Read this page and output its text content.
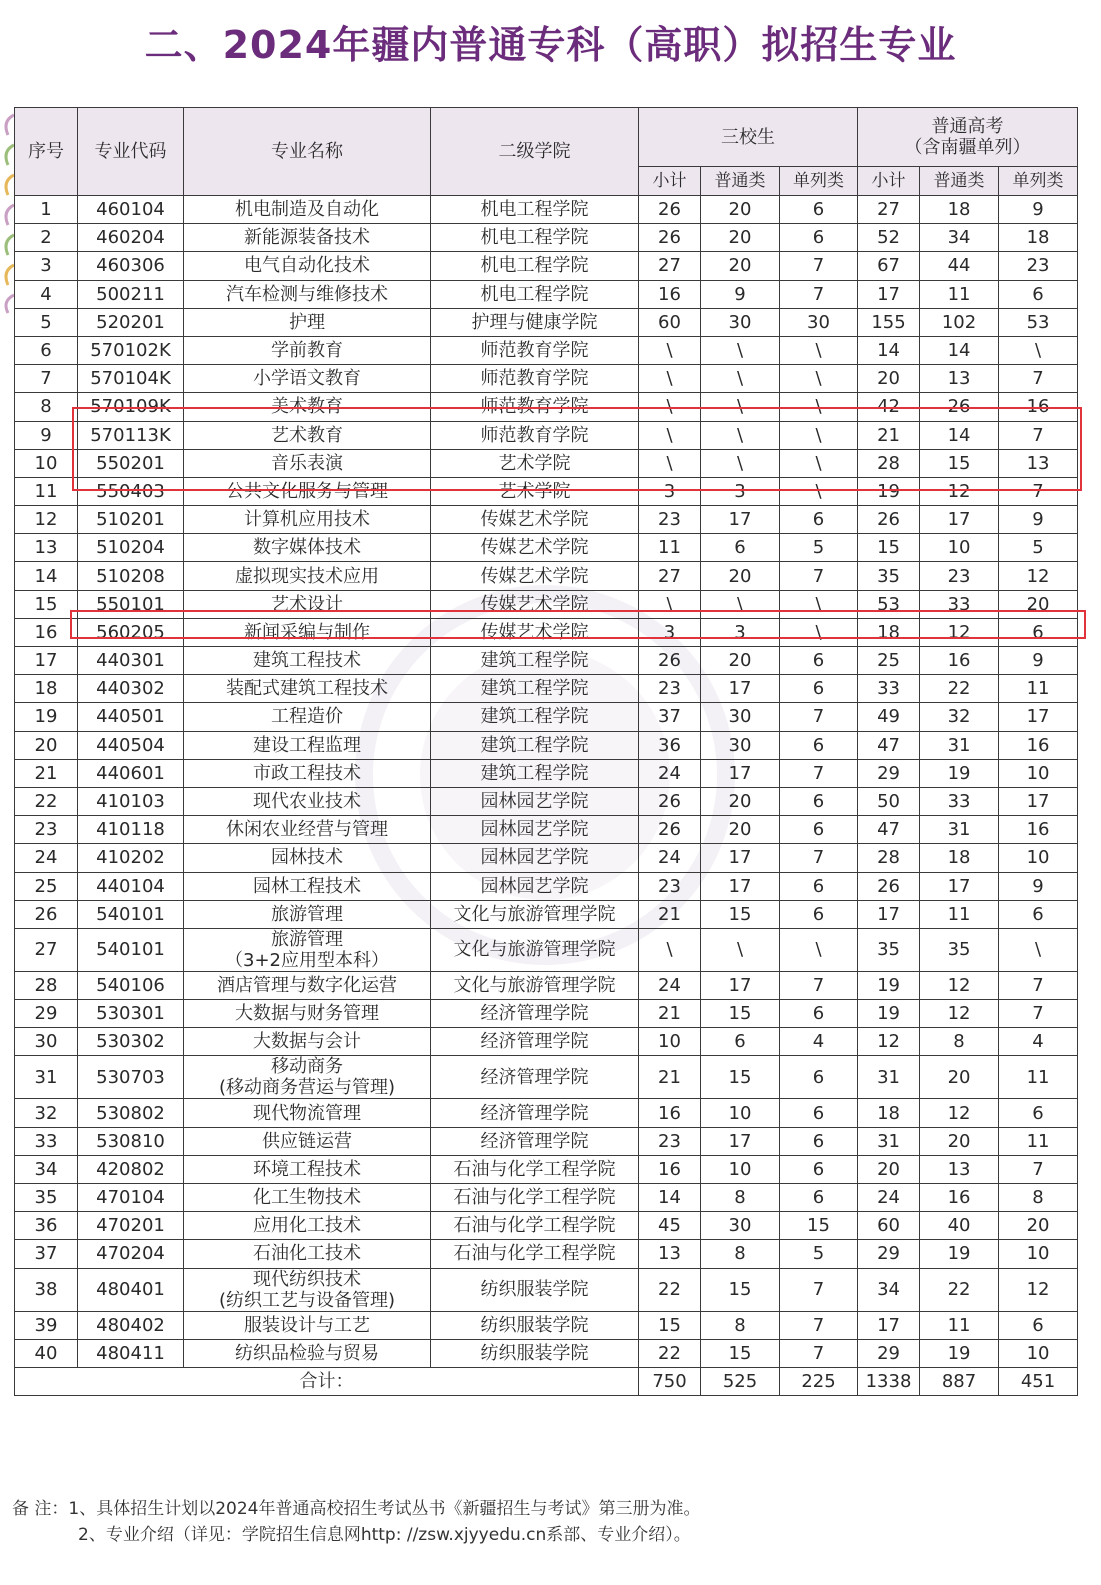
二、2024年疆内普通专科（高职）拟招生专业
序号	专业代码	专业名称	二级学院	三校生			普通高考
（含南疆单列）		

				小计	普通类	单列类	小计	普通类	单列类
1	460104	机电制造及自动化	机电工程学院	26	20	6	27	18	9
2	460204	新能源装备技术	机电工程学院	26	20	6	52	34	18
3	460306	电气自动化技术	机电工程学院	27	20	7	67	44	23
4	500211	汽车检测与维修技术	机电工程学院	16	9	7	17	11	6
5	520201	护理	护理与健康学院	60	30	30	155	102	53
6	570102K	学前教育	师范教育学院	\	\	\	14	14	\
7	570104K	小学语文教育	师范教育学院	\	\	\	20	13	7
8	570109K	美术教育	师范教育学院	\	\	\	42	26	16
9	570113K	艺术教育	师范教育学院	\	\	\	21	14	7
10	550201	音乐表演	艺术学院	\	\	\	28	15	13
11	550403	公共文化服务与管理	艺术学院	3	3	\	19	12	7
12	510201	计算机应用技术	传媒艺术学院	23	17	6	26	17	9
13	510204	数字媒体技术	传媒艺术学院	11	6	5	15	10	5
14	510208	虚拟现实技术应用	传媒艺术学院	27	20	7	35	23	12
15	550101	艺术设计	传媒艺术学院	\	\	\	53	33	20
16	560205	新闻采编与制作	传媒艺术学院	3	3	\	18	12	6
17	440301	建筑工程技术	建筑工程学院	26	20	6	25	16	9
18	440302	装配式建筑工程技术	建筑工程学院	23	17	6	33	22	11
19	440501	工程造价	建筑工程学院	37	30	7	49	32	17
20	440504	建设工程监理	建筑工程学院	36	30	6	47	31	16
21	440601	市政工程技术	建筑工程学院	24	17	7	29	19	10
22	410103	现代农业技术	园林园艺学院	26	20	6	50	33	17
23	410118	休闲农业经营与管理	园林园艺学院	26	20	6	47	31	16
24	410202	园林技术	园林园艺学院	24	17	7	28	18	10
25	440104	园林工程技术	园林园艺学院	23	17	6	26	17	9
26	540101	旅游管理	文化与旅游管理学院	21	15	6	17	11	6
27	540101	旅游管理
（3+2应用型本科）	文化与旅游管理学院	\	\	\	35	35	\
28	540106	酒店管理与数字化运营	文化与旅游管理学院	24	17	7	19	12	7
29	530301	大数据与财务管理	经济管理学院	21	15	6	19	12	7
30	530302	大数据与会计	经济管理学院	10	6	4	12	8	4
31	530703	移动商务
(移动商务营运与管理)	经济管理学院	21	15	6	31	20	11
32	530802	现代物流管理	经济管理学院	16	10	6	18	12	6
33	530810	供应链运营	经济管理学院	23	17	6	31	20	11
34	420802	环境工程技术	石油与化学工程学院	16	10	6	20	13	7
35	470104	化工生物技术	石油与化学工程学院	14	8	6	24	16	8
36	470201	应用化工技术	石油与化学工程学院	45	30	15	60	40	20
37	470204	石油化工技术	石油与化学工程学院	13	8	5	29	19	10
38	480401	现代纺织技术
(纺织工艺与设备管理)	纺织服装学院	22	15	7	34	22	12
39	480402	服装设计与工艺	纺织服装学院	15	8	7	17	11	6
40	480411	纺织品检验与贸易	纺织服装学院	22	15	7	29	19	10
合计：				750	525	225	1338	887	451
备 注：1、具体招生计划以2024年普通高校招生考试丛书《新疆招生与考试》第三册为准。
2、专业介绍（详见：学院招生信息网http: //zsw.xjyyedu.cn系部、专业介绍）。
